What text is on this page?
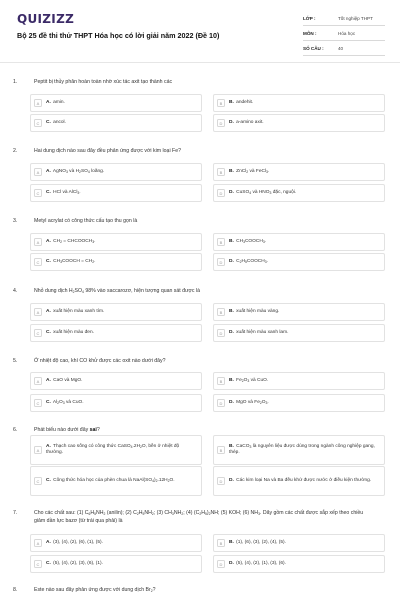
QUIZIZZ
Bộ 25 đề thi thử THPT Hóa học có lời giải năm 2022 (Đề 10)
LỚP :	Tốt nghiệp THPT
MÔN :	Hóa học
SỐ CÂU :	40
1.	Peptit bị thủy phân hoàn toàn nhờ xúc tác axit tạo thành các
A	A. amin.	B	B. andehit.
C	C. ancol.	D	D. a-amino axit.
2.	Hai dung dịch nào sau đây đều phản ứng được với kim loại Fe?
A	A. AgNO$_3$ và $H_2SO_4$ loãng.	B	B. ZnCl$_2$ và FeCl$_3$.
C	C. HCl và AlCl$_3$.	D	D. CuSO$_4$ và $HNO_3$ đặc, nguội.
3.	Metyl acrylat có công thức cấu tạo thu gọn là
A	A. $CH_2$ = $CHCOOCH_3$.	B	B. $CH_3COOCH_3$.
C	C. $CH_3COOCH = CH_2$.	D	D. $C_2H_5COOCH_3$.
4.	Nhỏ dung dịch $H_2SO_4$ 98% vào saccarozơ, hiện tượng quan sát được là
A	A. xuất hiện màu xanh tím.	B	B. xuất hiện màu vàng.
C	C. xuất hiện màu đen.	D	D. xuất hiện màu xanh lam.
5.	Ở nhiệt độ cao, khí CO khử được các oxit nào dưới đây?
A	A. CaO và MgO.	B	B. $Fe_2O_3$ và CuO.
C	C. $Al_2O_3$ và CuO.	D	D. MgO và $Fe_2O_3$.
6.	Phát biểu nào dưới đây sai?
A
A. Thạch cao sống có công thức $CaSO_4.2H_2O$, bền ở nhiệt độ thường.	B
B. CaCO$_3$ là nguyên liệu được dùng trong ngành công nghiệp gang, thép.
C	C. Công thức hóa học của phèn chua là $NaAl(SO_4)_2.12H_2O$.	D	D. Các kim loại Na và Ba đều khử được nước ở điều kiện thường.
7.	Cho các chất sau: (1) $C_6H_5NH_2$ (anilin); (2) $C_2H_5NH_2$; (3) $CH_3NH_2$; (4) $(C_2H_5)_2NH$; (5) KOH; (6) $NH_3$. Dãy gồm các chất được sắp xếp theo chiều giảm dần lực bazơ (từ trái qua phải) là
A	A. (3), (4), (2), (6), (1), (5).	B	B. (1), (6), (3), (2), (4), (5).
C	C. (5), (4), (2), (3), (6), (1).	D	D. (5), (4), (2), (1), (3), (6).
8.	Este nào sau đây phản ứng được với dung dịch $Br_2$?
